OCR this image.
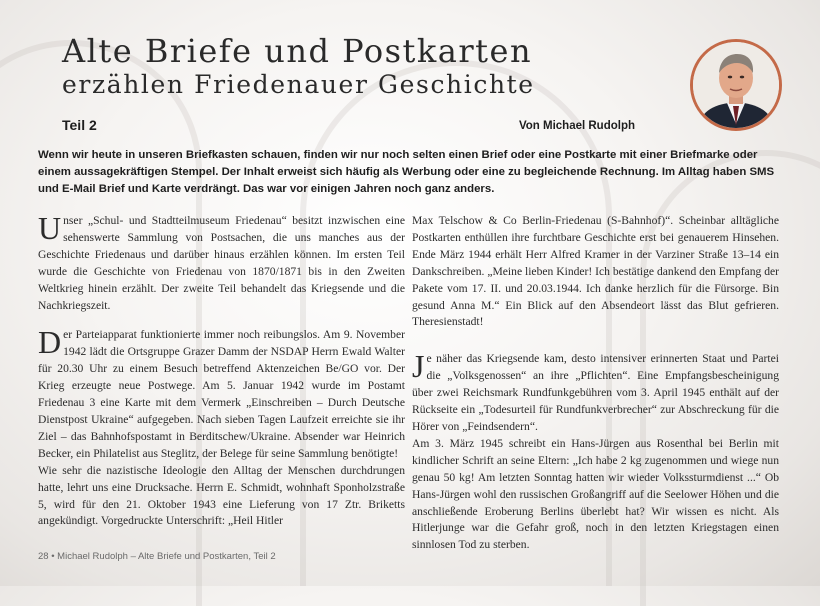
Alte Briefe und Postkarten
erzählen Friedenauer Geschichte
Teil 2	Von Michael Rudolph

Wenn wir heute in unseren Briefkasten schauen, finden wir nur noch selten einen Brief oder eine Postkarte mit einer Briefmarke oder einem aussagekräftigen Stempel. Der Inhalt erweist sich häufig als Werbung oder eine zu begleichende Rechnung. Im Alltag haben SMS und E-Mail Brief und Karte verdrängt. Das war vor einigen Jahren noch ganz anders.

Unser „Schul- und Stadtteilmuseum Friedenau“ besitzt inzwischen eine sehenswerte Sammlung von Postsachen, die uns manches aus der Geschichte Friedenaus und darüber hinaus erzählen können. Im ersten Teil wurde die Geschichte von Friedenau von 1870/1871 bis in den Zweiten Weltkrieg hinein erzählt. Der zweite Teil behandelt das Kriegsende und die Nachkriegszeit.

Der Parteiapparat funktionierte immer noch reibungslos. Am 9. November 1942 lädt die Ortsgruppe Grazer Damm der NSDAP Herrn Ewald Walter für 20.30 Uhr zu einem Besuch betreffend Aktenzeichen Be/GO vor. Der Krieg erzeugte neue Postwege. Am 5. Januar 1942 wurde im Postamt Friedenau 3 eine Karte mit dem Vermerk „Einschreiben – Durch Deutsche Dienstpost Ukraine“ aufgegeben. Nach sieben Tagen Laufzeit erreichte sie ihr Ziel – das Bahnhofspostamt in Berditschew/Ukraine. Absender war Heinrich Becker, ein Philatelist aus Steglitz, der Belege für seine Sammlung benötigte!

Wie sehr die nazistische Ideologie den Alltag der Menschen durchdrungen hatte, lehrt uns eine Drucksache. Herrn E. Schmidt, wohnhaft Sponholzstraße 5, wird für den 21. Oktober 1943 eine Lieferung von 17 Ztr. Briketts angekündigt. Vorgedruckte Unterschrift: „Heil Hitler

Max Telschow & Co Berlin-Friedenau (S-Bahnhof)“. Scheinbar alltägliche Postkarten enthüllen ihre furchtbare Geschichte erst bei genauerem Hinsehen. Ende März 1944 erhält Herr Alfred Kramer in der Varziner Straße 13–14 ein Dankschreiben. „Meine lieben Kinder! Ich bestätige dankend den Empfang der Pakete vom 17. II. und 20.03.1944. Ich danke herzlich für die Fürsorge. Bin gesund Anna M.“ Ein Blick auf den Absendeort lässt das Blut gefrieren. Theresienstadt!

Je näher das Kriegsende kam, desto intensiver erinnerten Staat und Partei die „Volksgenossen“ an ihre „Pflichten“. Eine Empfangsbescheinigung über zwei Reichsmark Rundfunkgebühren vom 3. April 1945 enthält auf der Rückseite ein „Todesurteil für Rundfunkverbrecher“ zur Abschreckung für die Hörer von „Feindsendern“.

Am 3. März 1945 schreibt ein Hans-Jürgen aus Rosenthal bei Berlin mit kindlicher Schrift an seine Eltern: „Ich habe 2 kg zugenommen und wiege nun genau 50 kg! Am letzten Sonntag hatten wir wieder Volkssturmdienst ...“ Ob Hans-Jürgen wohl den russischen Großangriff auf die Seelower Höhen und die anschließende Eroberung Berlins überlebt hat? Wir wissen es nicht. Als Hitlerjunge war die Gefahr groß, noch in den letzten Kriegstagen einen sinnlosen Tod zu sterben.

28 • Michael Rudolph – Alte Briefe und Postkarten, Teil 2
